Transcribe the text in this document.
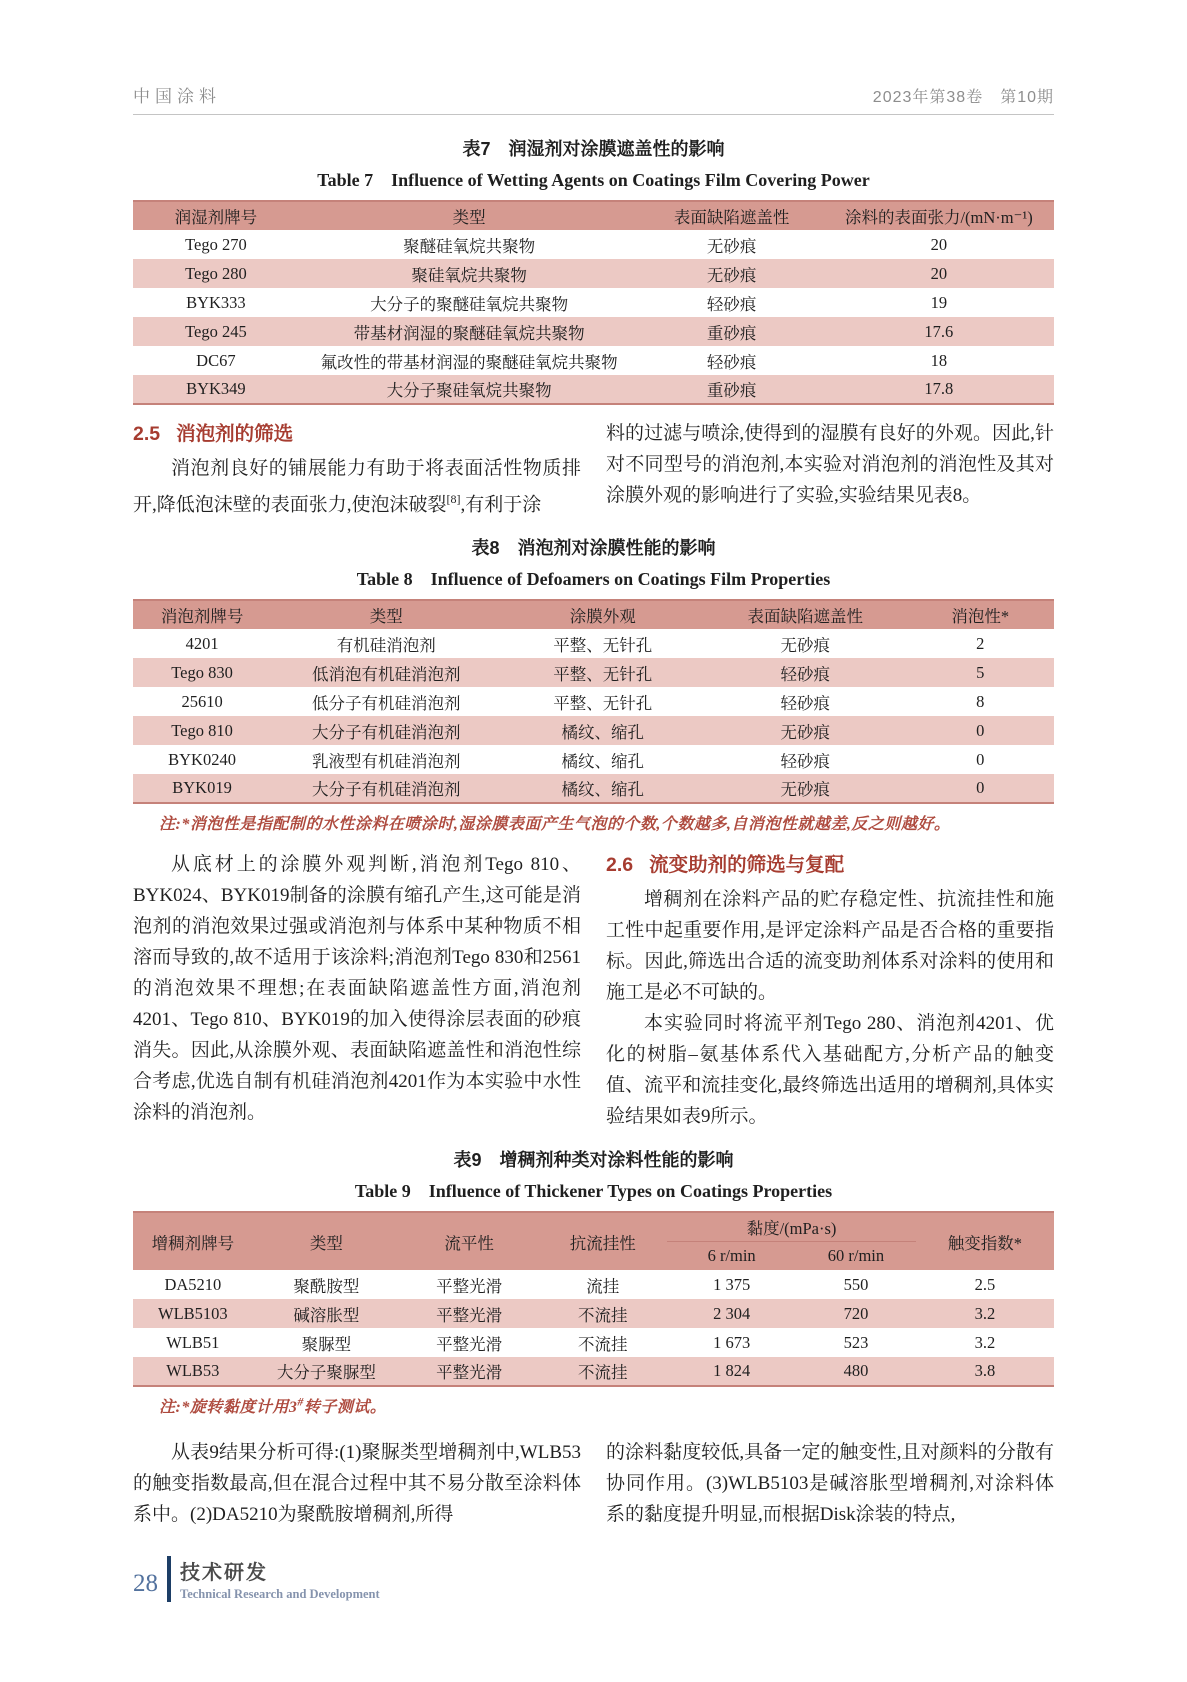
中国涂料	2023年第38卷　第10期
表7　润湿剂对涂膜遮盖性的影响
Table 7　Influence of Wetting Agents on Coatings Film Covering Power
润湿剂牌号	类型	表面缺陷遮盖性	涂料的表面张力/(mN·m⁻¹)
Tego 270	聚醚硅氧烷共聚物	无砂痕	20
Tego 280	聚硅氧烷共聚物	无砂痕	20
BYK333	大分子的聚醚硅氧烷共聚物	轻砂痕	19
Tego 245	带基材润湿的聚醚硅氧烷共聚物	重砂痕	17.6
DC67	氟改性的带基材润湿的聚醚硅氧烷共聚物	轻砂痕	18
BYK349	大分子聚硅氧烷共聚物	重砂痕	17.8
2.5 消泡剂的筛选

消泡剂良好的铺展能力有助于将表面活性物质排开,降低泡沫壁的表面张力,使泡沫破裂[8],有利于涂

料的过滤与喷涂,使得到的湿膜有良好的外观。因此,针对不同型号的消泡剂,本实验对消泡剂的消泡性及其对涂膜外观的影响进行了实验,实验结果见表8。

表8　消泡剂对涂膜性能的影响
Table 8　Influence of Defoamers on Coatings Film Properties
消泡剂牌号	类型	涂膜外观	表面缺陷遮盖性	消泡性*
4201	有机硅消泡剂	平整、无针孔	无砂痕	2
Tego 830	低消泡有机硅消泡剂	平整、无针孔	轻砂痕	5
25610	低分子有机硅消泡剂	平整、无针孔	轻砂痕	8
Tego 810	大分子有机硅消泡剂	橘纹、缩孔	无砂痕	0
BYK0240	乳液型有机硅消泡剂	橘纹、缩孔	轻砂痕	0
BYK019	大分子有机硅消泡剂	橘纹、缩孔	无砂痕	0
注:*消泡性是指配制的水性涂料在喷涂时,湿涂膜表面产生气泡的个数,个数越多,自消泡性就越差,反之则越好。

从底材上的涂膜外观判断,消泡剂Tego 810、BYK024、BYK019制备的涂膜有缩孔产生,这可能是消泡剂的消泡效果过强或消泡剂与体系中某种物质不相溶而导致的,故不适用于该涂料;消泡剂Tego 830和2561的消泡效果不理想;在表面缺陷遮盖性方面,消泡剂4201、Tego 810、BYK019的加入使得涂层表面的砂痕消失。因此,从涂膜外观、表面缺陷遮盖性和消泡性综合考虑,优选自制有机硅消泡剂4201作为本实验中水性涂料的消泡剂。

2.6 流变助剂的筛选与复配

增稠剂在涂料产品的贮存稳定性、抗流挂性和施工性中起重要作用,是评定涂料产品是否合格的重要指标。因此,筛选出合适的流变助剂体系对涂料的使用和施工是必不可缺的。

本实验同时将流平剂Tego 280、消泡剂4201、优化的树脂–氨基体系代入基础配方,分析产品的触变值、流平和流挂变化,最终筛选出适用的增稠剂,具体实验结果如表9所示。

表9　增稠剂种类对涂料性能的影响
Table 9　Influence of Thickener Types on Coatings Properties
增稠剂牌号	类型	流平性	抗流挂性	黏度/(mPa·s)		触变指数*
				6 r/min	60 r/min	
DA5210	聚酰胺型	平整光滑	流挂	1 375	550	2.5
WLB5103	碱溶胀型	平整光滑	不流挂	2 304	720	3.2
WLB51	聚脲型	平整光滑	不流挂	1 673	523	3.2
WLB53	大分子聚脲型	平整光滑	不流挂	1 824	480	3.8
注:*旋转黏度计用3#转子测试。

从表9结果分析可得:(1)聚脲类型增稠剂中,WLB53的触变指数最高,但在混合过程中其不易分散至涂料体系中。(2)DA5210为聚酰胺增稠剂,所得

的涂料黏度较低,具备一定的触变性,且对颜料的分散有协同作用。(3)WLB5103是碱溶胀型增稠剂,对涂料体系的黏度提升明显,而根据Disk涂装的特点,

28 技术研发
Technical Research and Development
